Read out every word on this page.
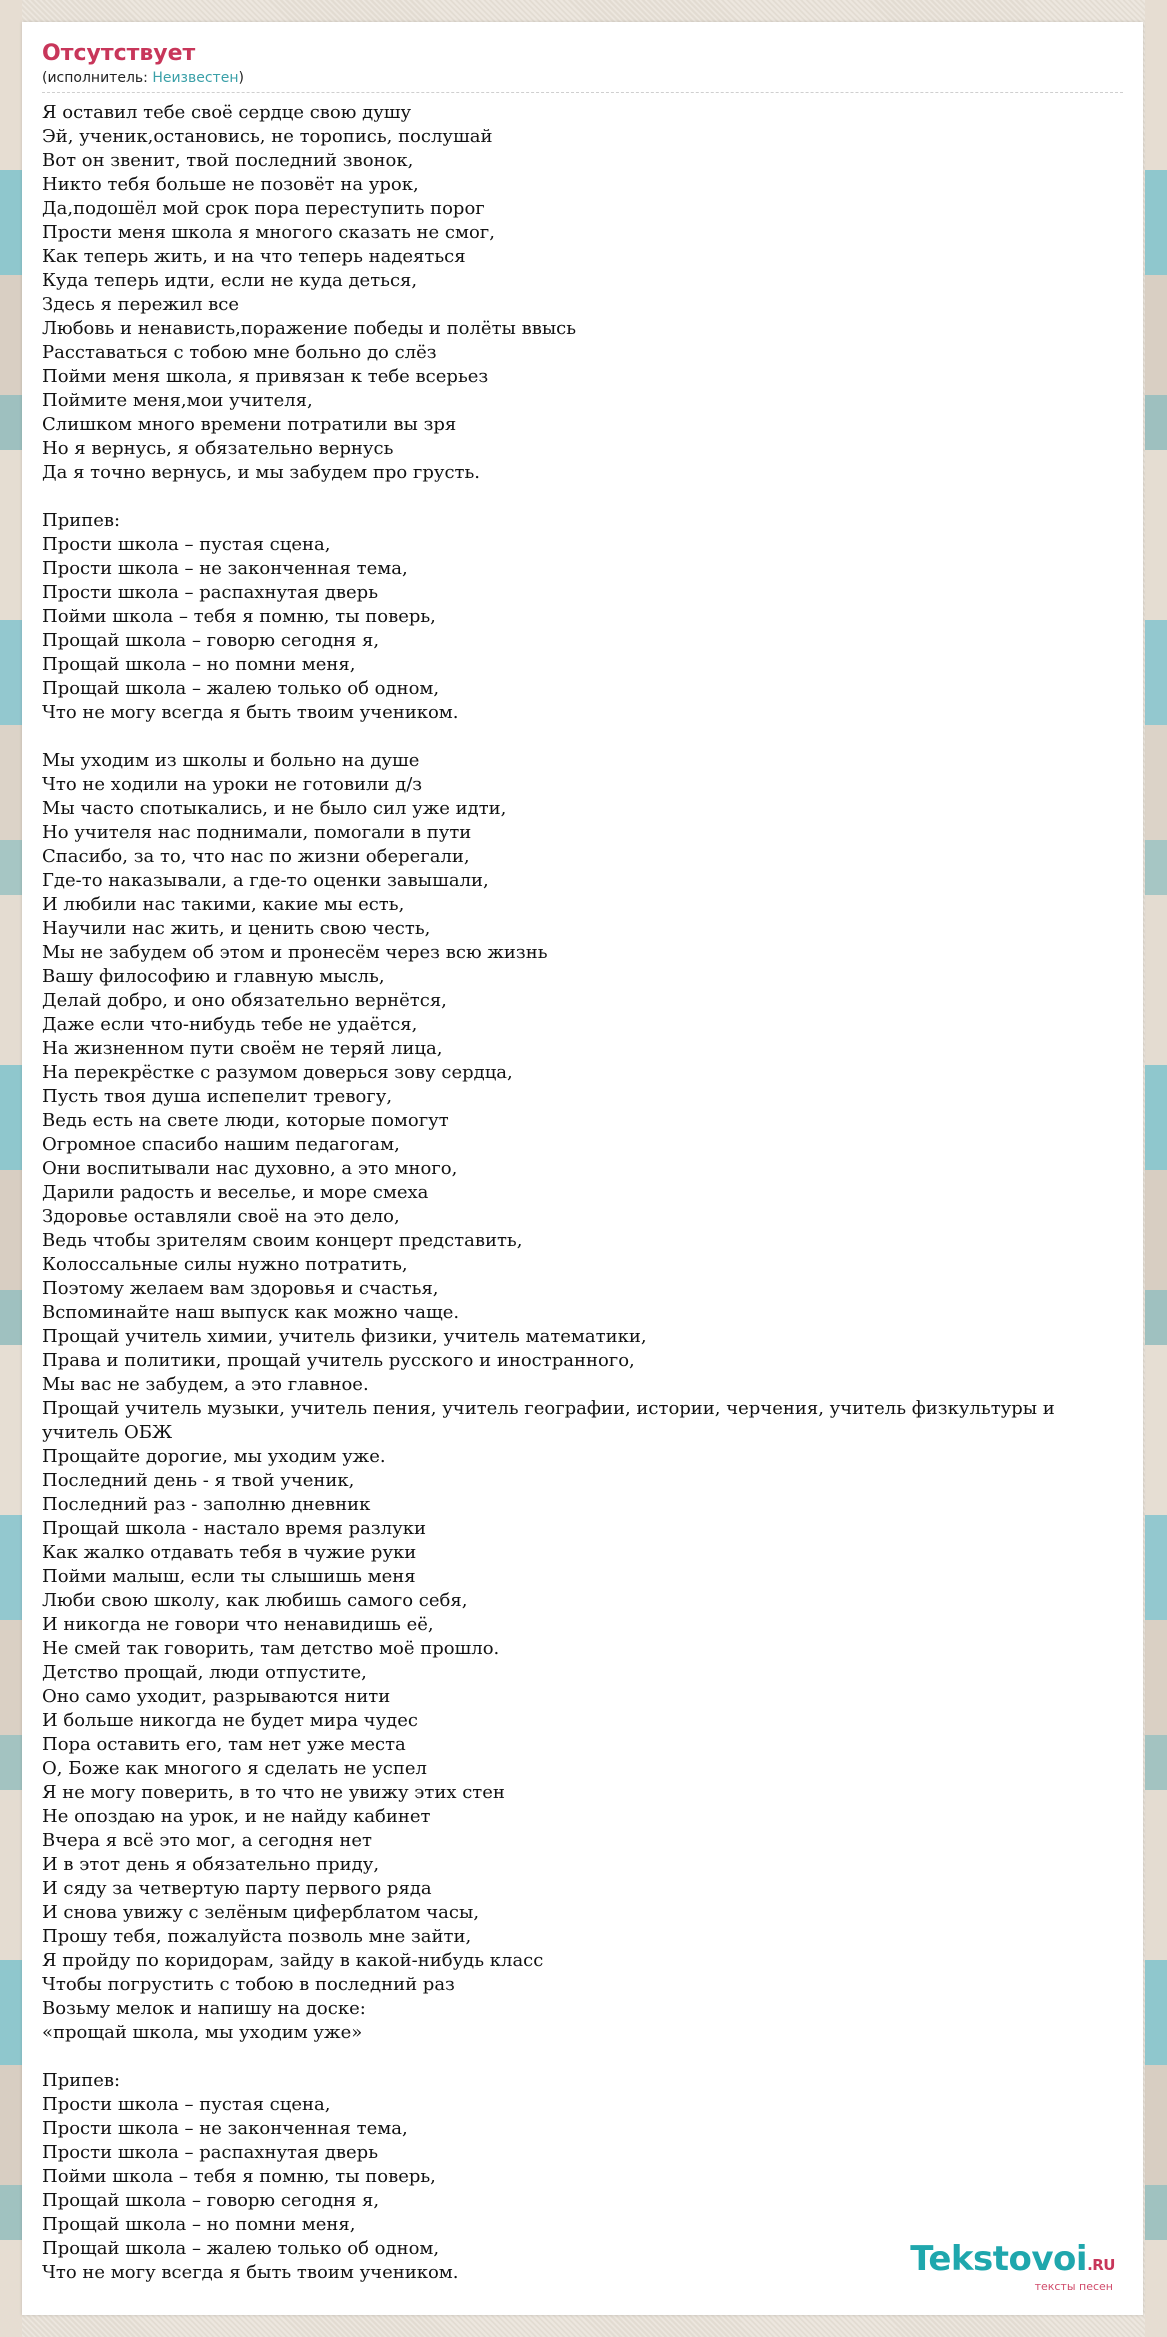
Отсутствует
(исполнитель: Неизвестен)
Я оставил тебе своё сердце свою душу
Эй, ученик,остановись, не торопись, послушай
Вот он звенит, твой последний звонок,
Никто тебя больше не позовёт на урок,
Да,подошёл мой срок пора переступить порог
Прости меня школа я многого сказать не смог,
Как теперь жить, и на что теперь надеяться
Куда теперь идти, если не куда деться,
Здесь я пережил все
Любовь и ненависть,поражение победы и полёты ввысь
Расставаться с тобою мне больно до слёз
Пойми меня школа, я привязан к тебе всерьез
Поймите меня,мои учителя,
Слишком много времени потратили вы зря
Но я вернусь, я обязательно вернусь
Да я точно вернусь, и мы забудем про грусть.
Припев:
Прости школа – пустая сцена,
Прости школа – не законченная тема,
Прости школа – распахнутая дверь
Пойми школа – тебя я помню, ты поверь,
Прощай школа – говорю сегодня я,
Прощай школа – но помни меня,
Прощай школа – жалею только об одном,
Что не могу всегда я быть твоим учеником.
Мы уходим из школы и больно на душе
Что не ходили на уроки не готовили д/з
Мы часто спотыкались, и не было сил уже идти,
Но учителя нас поднимали, помогали в пути
Спасибо, за то, что нас по жизни оберегали,
Где-то наказывали, а где-то оценки завышали,
И любили нас такими, какие мы есть,
Научили нас жить, и ценить свою честь,
Мы не забудем об этом и пронесём через всю жизнь
Вашу философию и главную мысль,
Делай добро, и оно обязательно вернётся,
Даже если что-нибудь тебе не удаётся,
На жизненном пути своём не теряй лица,
На перекрёстке с разумом доверься зову сердца,
Пусть твоя душа испепелит тревогу,
Ведь есть на свете люди, которые помогут
Огромное спасибо нашим педагогам,
Они воспитывали нас духовно, а это много,
Дарили радость и веселье, и море смеха
Здоровье оставляли своё на это дело,
Ведь чтобы зрителям своим концерт представить,
Колоссальные силы нужно потратить,
Поэтому желаем вам здоровья и счастья,
Вспоминайте наш выпуск как можно чаще.
Прощай учитель химии, учитель физики, учитель математики,
Права и политики, прощай учитель русского и иностранного,
Мы вас не забудем, а это главное.
Прощай учитель музыки, учитель пения, учитель географии, истории, черчения, учитель физкультуры и
учитель ОБЖ
Прощайте дорогие, мы уходим уже.
Последний день - я твой ученик,
Последний раз - заполню дневник
Прощай школа - настало время разлуки
Как жалко отдавать тебя в чужие руки
Пойми малыш, если ты слышишь меня
Люби свою школу, как любишь самого себя,
И никогда не говори что ненавидишь её,
Не смей так говорить, там детство моё прошло.
Детство прощай, люди отпустите,
Оно само уходит, разрываются нити
И больше никогда не будет мира чудес
Пора оставить его, там нет уже места
О, Боже как многого я сделать не успел
Я не могу поверить, в то что не увижу этих стен
Не опоздаю на урок, и не найду кабинет
Вчера я всё это мог, а сегодня нет
И в этот день я обязательно приду,
И сяду за четвертую парту первого ряда
И снова увижу с зелёным циферблатом часы,
Прошу тебя, пожалуйста позволь мне зайти,
Я пройду по коридорам, зайду в какой-нибудь класс
Чтобы погрустить с тобою в последний раз
Возьму мелок и напишу на доске:
«прощай школа, мы уходим уже»
Припев:
Прости школа – пустая сцена,
Прости школа – не законченная тема,
Прости школа – распахнутая дверь
Пойми школа – тебя я помню, ты поверь,
Прощай школа – говорю сегодня я,
Прощай школа – но помни меня,
Прощай школа – жалею только об одном,
Что не могу всегда я быть твоим учеником.	Tekstovoi.RU
тексты песен
